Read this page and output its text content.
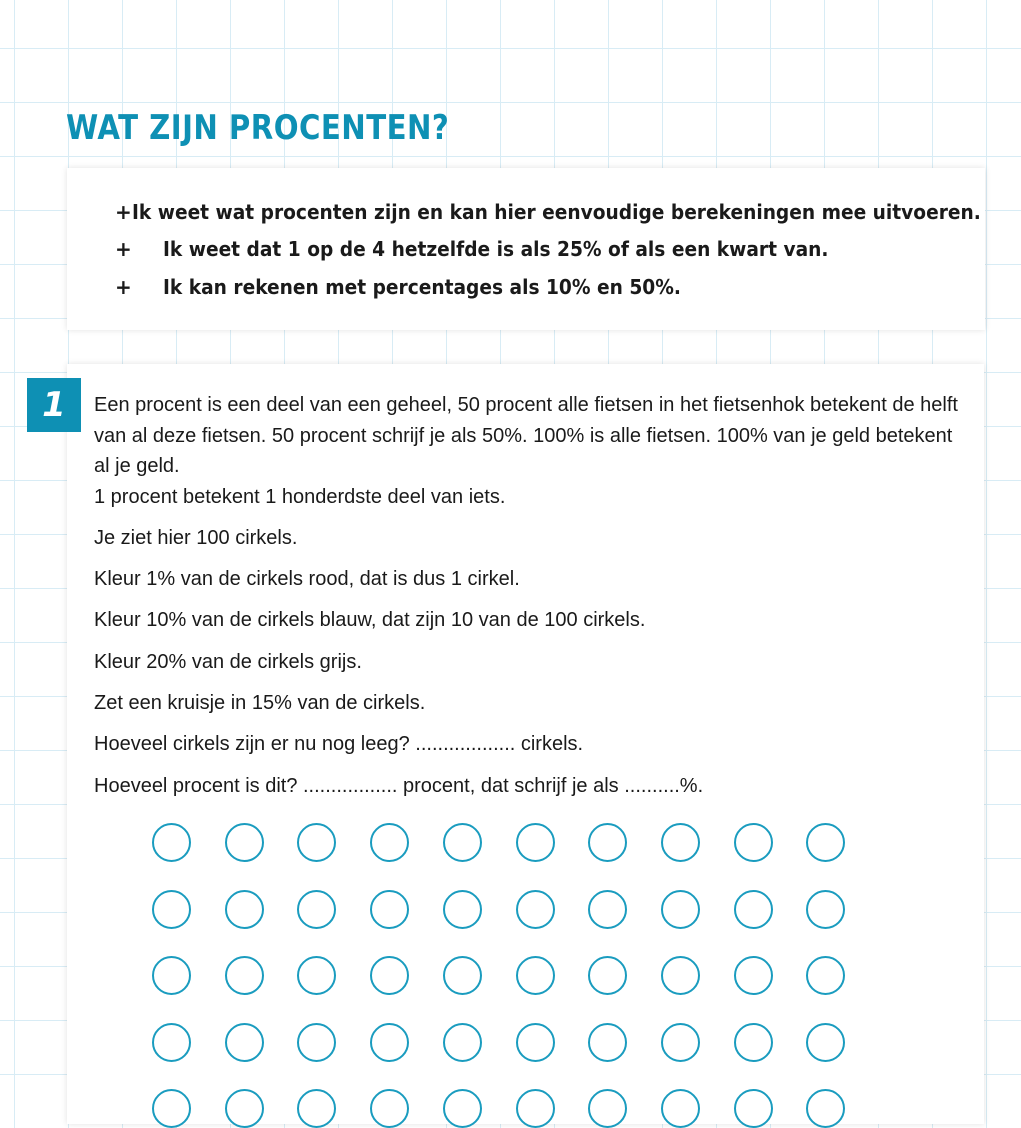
WAT ZIJN PROCENTEN?
+ Ik weet wat procenten zijn en kan hier eenvoudige berekeningen mee uitvoeren.
+	Ik weet dat 1 op de 4 hetzelfde is als 25% of als een kwart van.
+	Ik kan rekenen met percentages als 10% en 50%.
1	Een procent is een deel van een geheel, 50 procent alle fietsen in het fietsenhok betekent de helft van al deze fietsen. 50 procent schrijf je als 50%. 100% is alle fietsen. 100% van je geld betekent al je geld.

1 procent betekent 1 honderdste deel van iets.

Je ziet hier 100 cirkels.

Kleur 1% van de cirkels rood, dat is dus 1 cirkel.

Kleur 10% van de cirkels blauw, dat zijn 10 van de 100 cirkels.

Kleur 20% van de cirkels grijs.

Zet een kruisje in 15% van de cirkels.

Hoeveel cirkels zijn er nu nog leeg? .................. cirkels.

Hoeveel procent is dit? ................. procent, dat schrijf je als ..........%.
